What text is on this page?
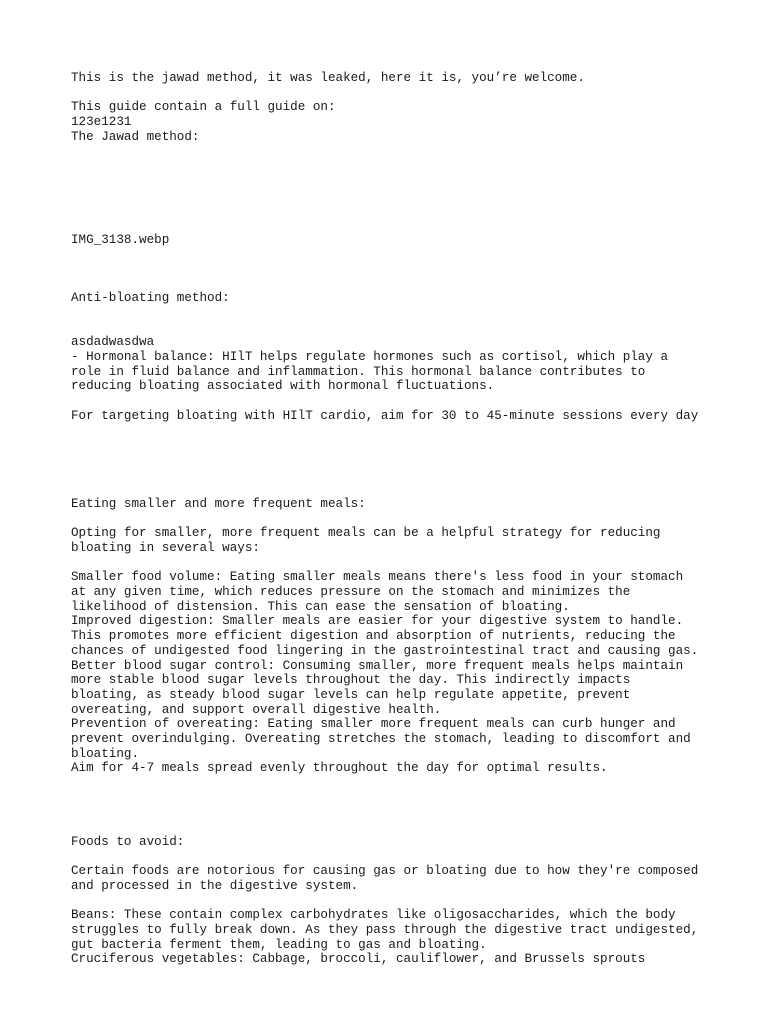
This is the jawad method, it was leaked, here it is, you’re welcome.
This guide contain a full guide on:
123e1231
The Jawad method:
IMG_3138.webp
Anti-bloating method:
asdadwasdwa
- Hormonal balance: HIlT helps regulate hormones such as cortisol, which play a
role in fluid balance and inflammation. This hormonal balance contributes to
reducing bloating associated with hormonal fluctuations.
For targeting bloating with HIlT cardio, aim for 30 to 45-minute sessions every day
Eating smaller and more frequent meals:
Opting for smaller, more frequent meals can be a helpful strategy for reducing
bloating in several ways:
Smaller food volume: Eating smaller meals means there's less food in your stomach
at any given time, which reduces pressure on the stomach and minimizes the
likelihood of distension. This can ease the sensation of bloating.
Improved digestion: Smaller meals are easier for your digestive system to handle.
This promotes more efficient digestion and absorption of nutrients, reducing the
chances of undigested food lingering in the gastrointestinal tract and causing gas.
Better blood sugar control: Consuming smaller, more frequent meals helps maintain
more stable blood sugar levels throughout the day. This indirectly impacts
bloating, as steady blood sugar levels can help regulate appetite, prevent
overeating, and support overall digestive health.
Prevention of overeating: Eating smaller more frequent meals can curb hunger and
prevent overindulging. Overeating stretches the stomach, leading to discomfort and
bloating.
Aim for 4-7 meals spread evenly throughout the day for optimal results.
Foods to avoid:
Certain foods are notorious for causing gas or bloating due to how they're composed
and processed in the digestive system.
Beans: These contain complex carbohydrates like oligosaccharides, which the body
struggles to fully break down. As they pass through the digestive tract undigested,
gut bacteria ferment them, leading to gas and bloating.
Cruciferous vegetables: Cabbage, broccoli, cauliflower, and Brussels sprouts
